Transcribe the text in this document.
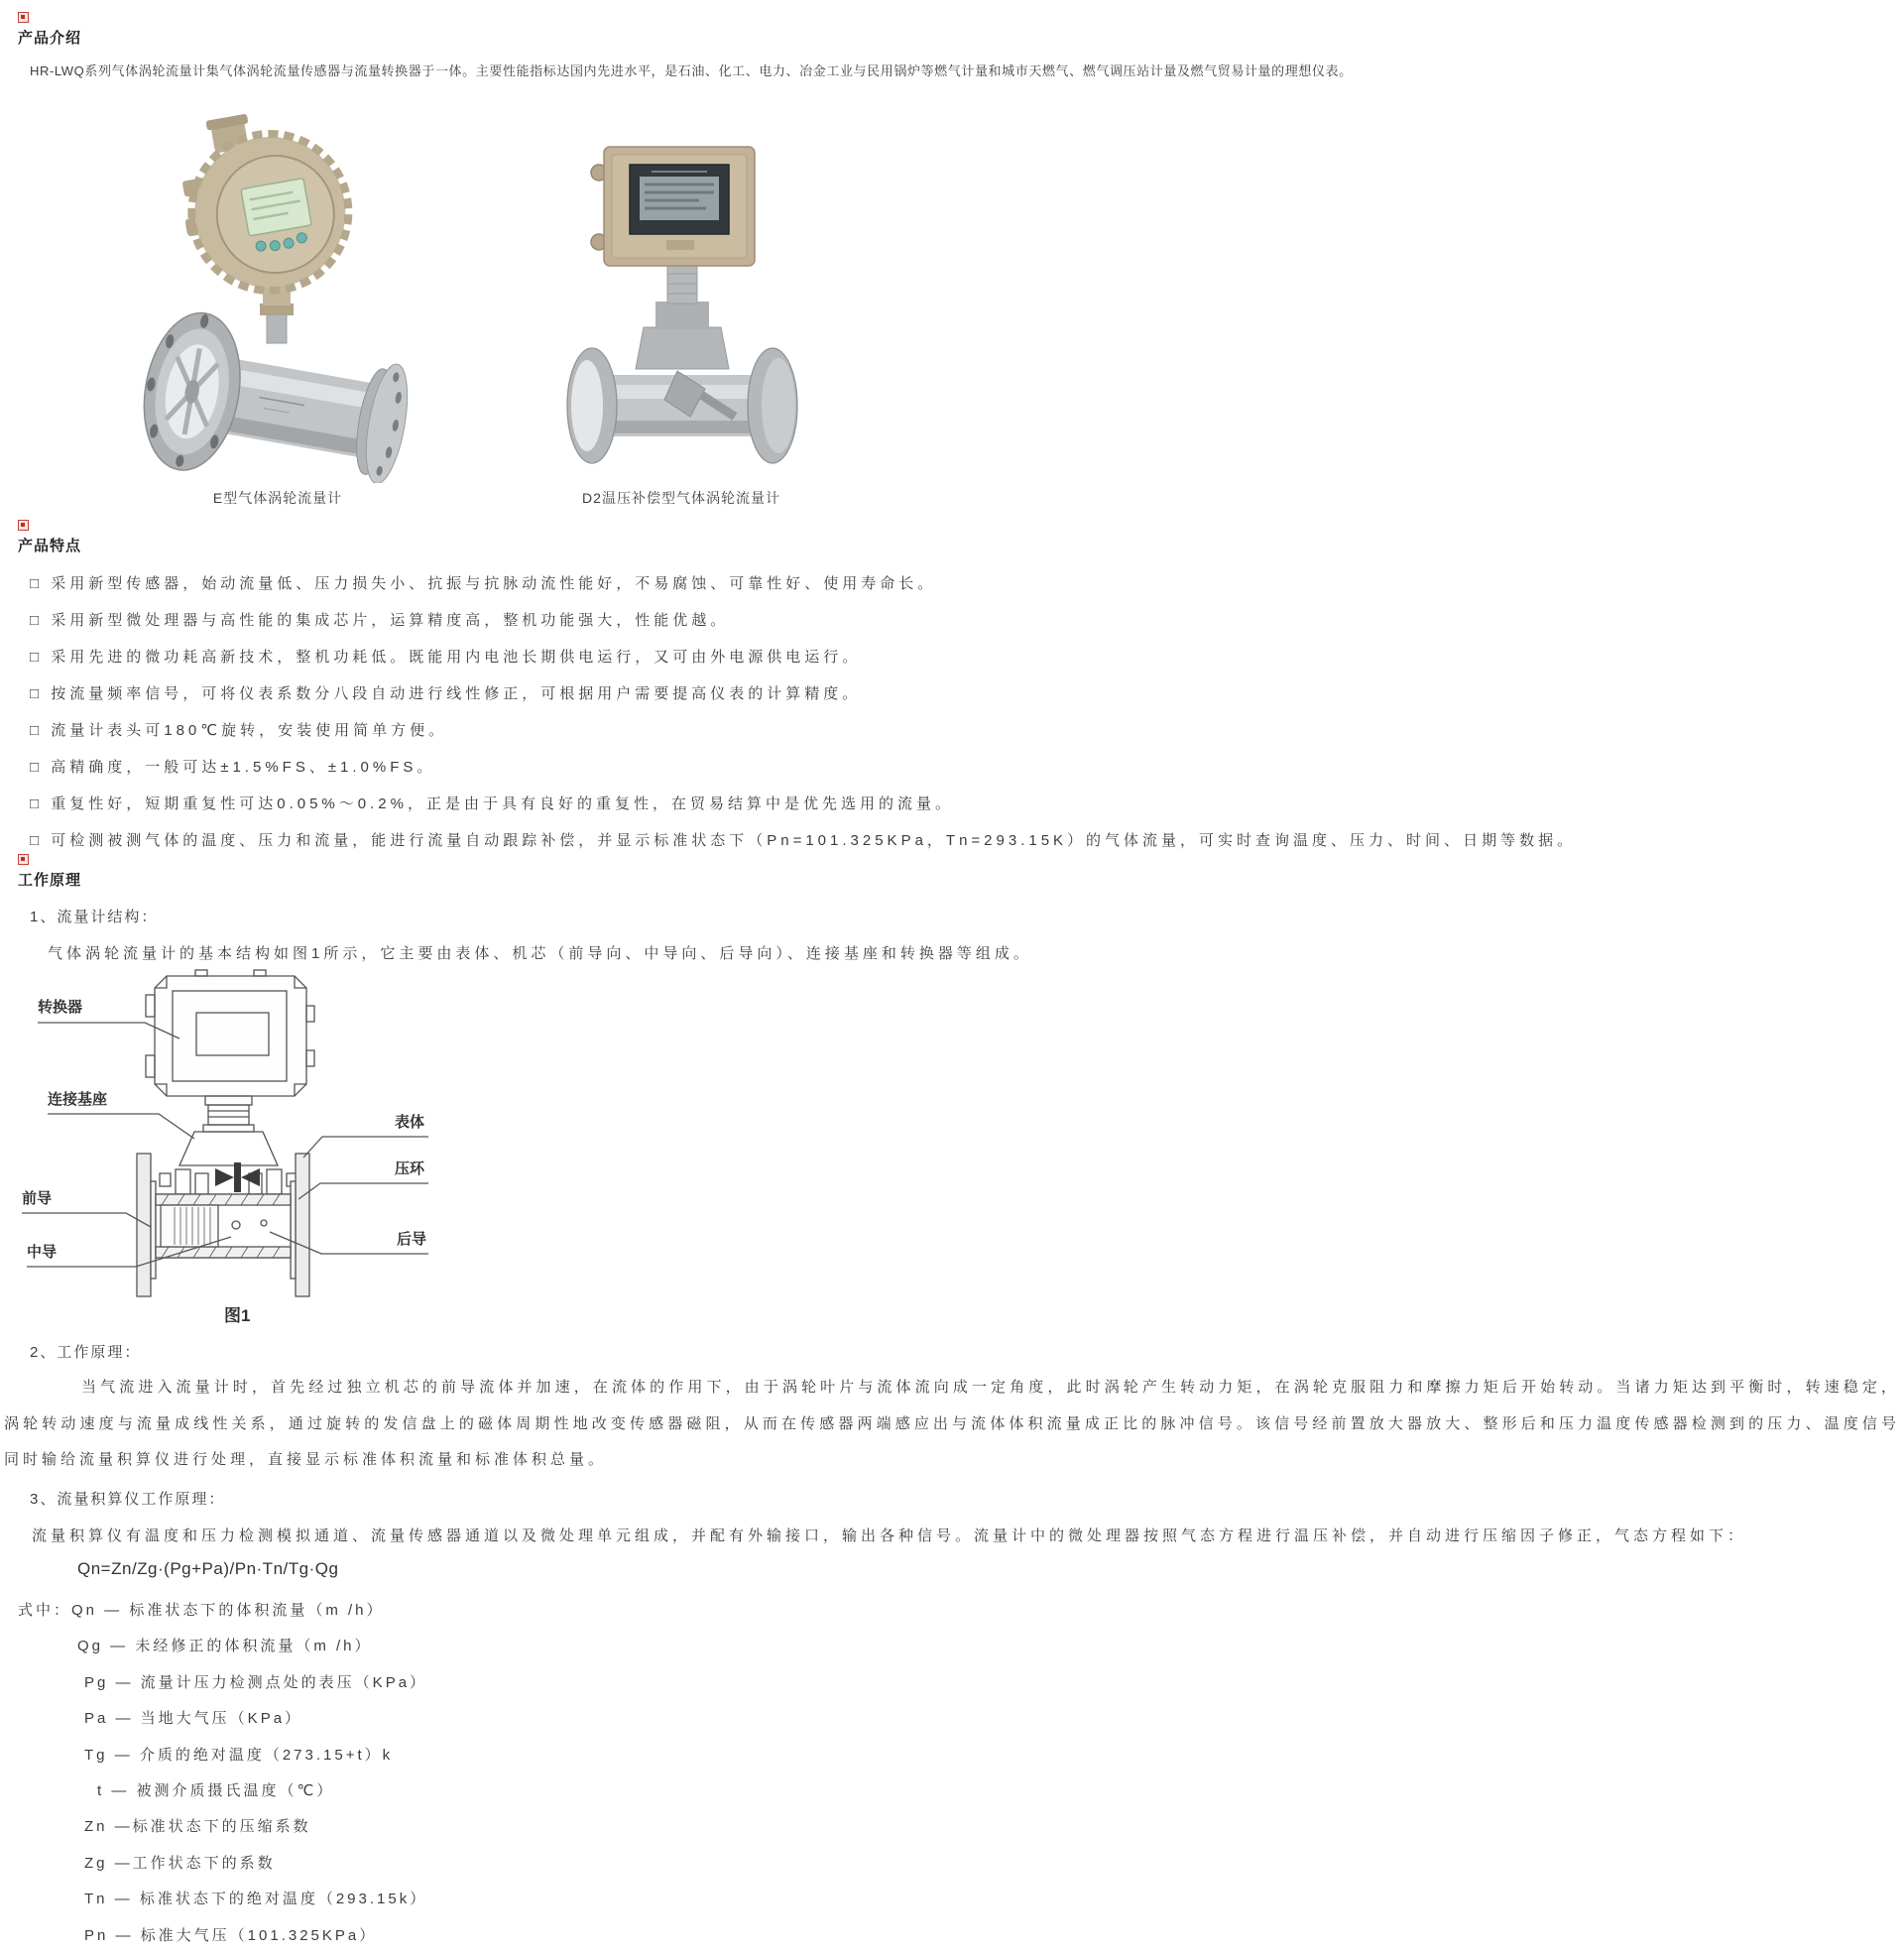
产品介绍
HR-LWQ系列气体涡轮流量计集气体涡轮流量传感器与流量转换器于一体。主要性能指标达国内先进水平，是石油、化工、电力、冶金工业与民用锅炉等燃气计量和城市天燃气、燃气调压站计量及燃气贸易计量的理想仪表。
E型气体涡轮流量计	D2温压补偿型气体涡轮流量计
产品特点
□ 采用新型传感器，始动流量低、压力损失小、抗振与抗脉动流性能好，不易腐蚀、可靠性好、使用寿命长。
□ 采用新型微处理器与高性能的集成芯片，运算精度高，整机功能强大，性能优越。
□ 采用先进的微功耗高新技术，整机功耗低。既能用内电池长期供电运行，又可由外电源供电运行。
□ 按流量频率信号，可将仪表系数分八段自动进行线性修正，可根据用户需要提高仪表的计算精度。
□ 流量计表头可180℃旋转，安装使用简单方便。
□ 高精确度，一般可达±1.5%FS、±1.0%FS。
□ 重复性好，短期重复性可达0.05%～0.2%，正是由于具有良好的重复性，在贸易结算中是优先选用的流量。
□ 可检测被测气体的温度、压力和流量，能进行流量自动跟踪补偿，并显示标准状态下（Pn=101.325KPa，Tn=293.15K）的气体流量，可实时查询温度、压力、时间、日期等数据。
工作原理
1、流量计结构：
气体涡轮流量计的基本结构如图1所示，它主要由表体、机芯（前导向、中导向、后导向）、连接基座和转换器等组成。
转换器
连接基座
表体
压环
前导
中导
后导
图1
2、工作原理：
当气流进入流量计时，首先经过独立机芯的前导流体并加速，在流体的作用下，由于涡轮叶片与流体流向成一定角度，此时涡轮产生转动力矩，在涡轮克服阻力和摩擦力矩后开始转动。当诸力矩达到平衡时，转速稳定，涡轮转动速度与流量成线性关系，通过旋转的发信盘上的磁体周期性地改变传感器磁阻，从而在传感器两端感应出与流体体积流量成正比的脉冲信号。该信号经前置放大器放大、整形后和压力温度传感器检测到的压力、温度信号同时输给流量积算仪进行处理，直接显示标准体积流量和标准体积总量。
3、流量积算仪工作原理：
流量积算仪有温度和压力检测模拟通道、流量传感器通道以及微处理单元组成，并配有外输接口，输出各种信号。流量计中的微处理器按照气态方程进行温压补偿，并自动进行压缩因子修正，气态方程如下：
Qn=Zn/Zg·(Pg+Pa)/Pn·Tn/Tg·Qg
式中：Qn — 标准状态下的体积流量（m /h）
Qg — 未经修正的体积流量（m /h）
Pg — 流量计压力检测点处的表压（KPa）
Pa — 当地大气压（KPa）
Tg — 介质的绝对温度（273.15+t）k
t — 被测介质摄氏温度（℃）
Zn —标准状态下的压缩系数
Zg —工作状态下的系数
Tn — 标准状态下的绝对温度（293.15k）
Pn — 标准大气压（101.325KPa）
